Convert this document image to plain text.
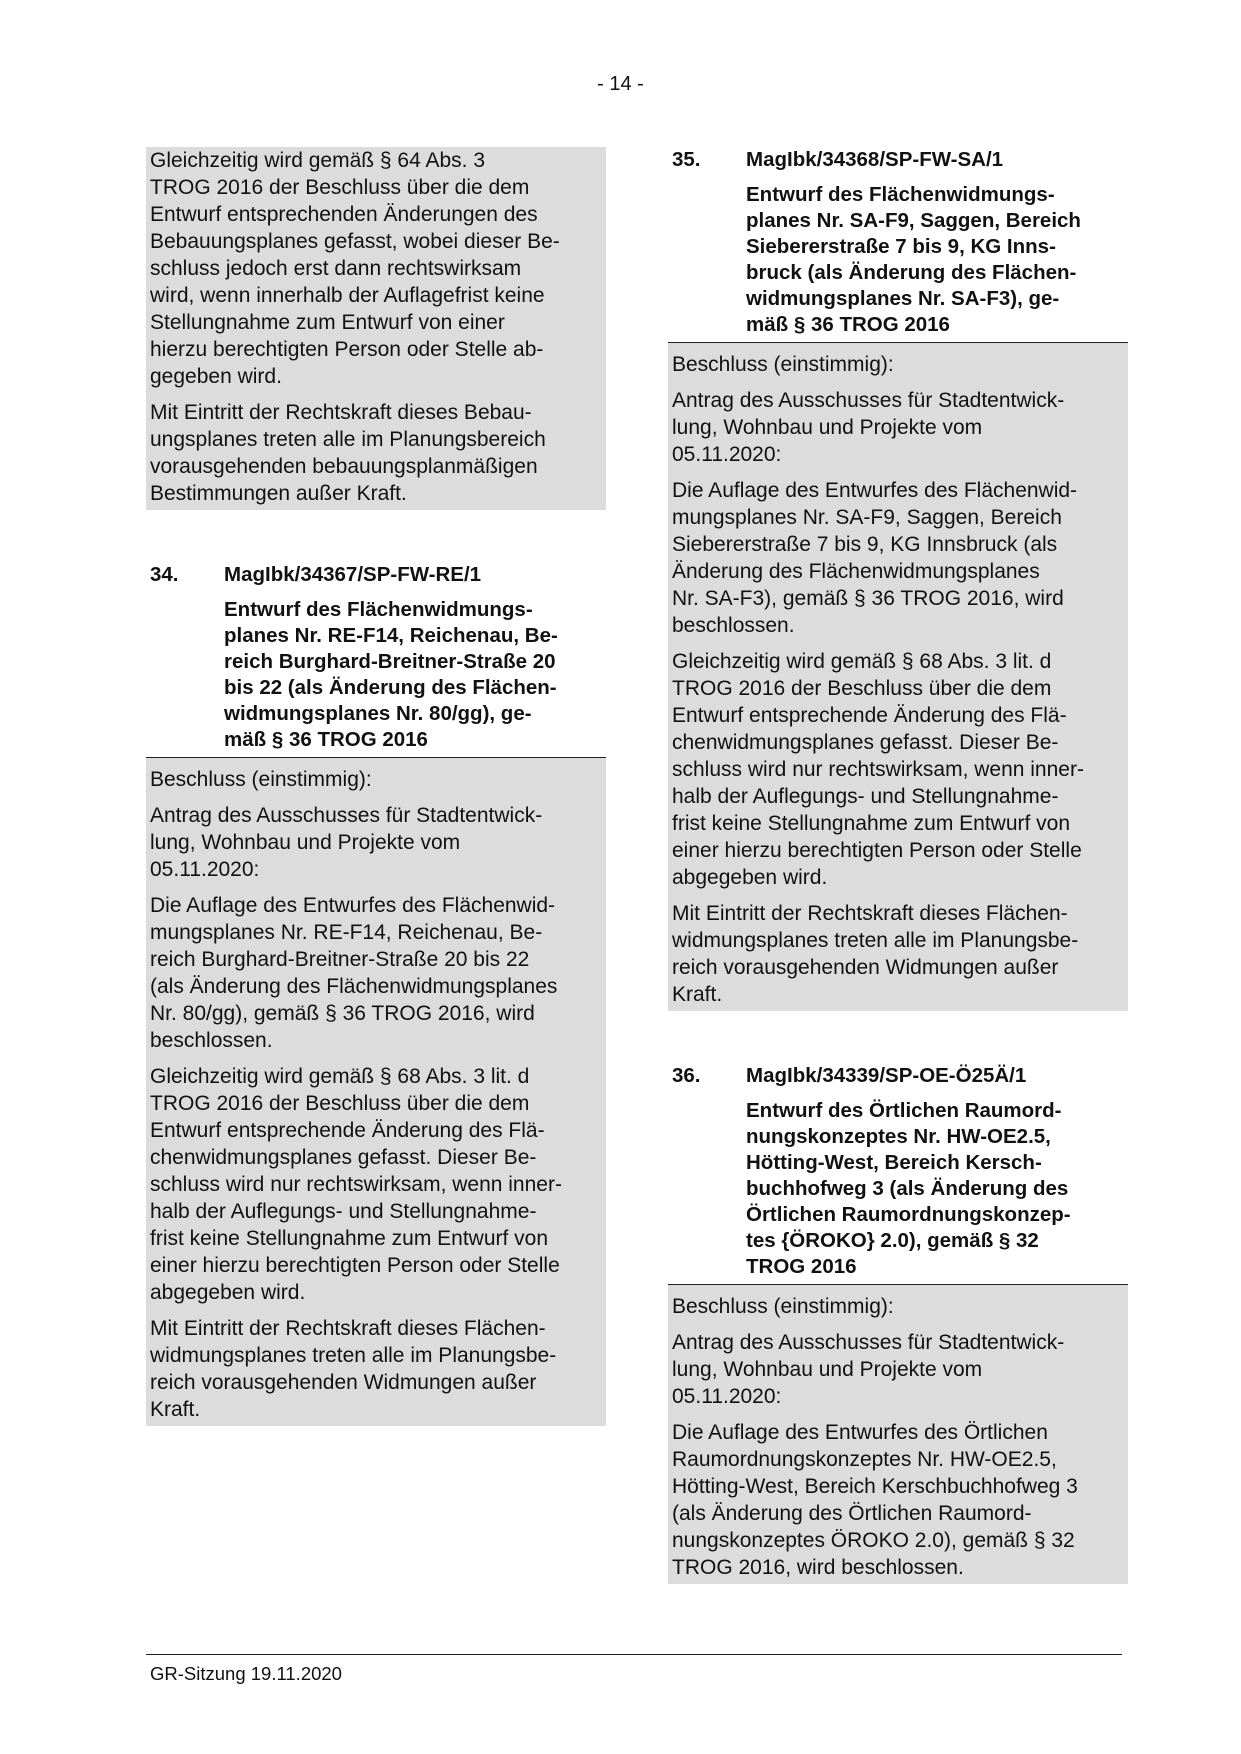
- 14 -

Gleichzeitig wird gemäß § 64 Abs. 3
TROG 2016 der Beschluss über die dem
Entwurf entsprechenden Änderungen des
Bebauungsplanes gefasst, wobei dieser Be-
schluss jedoch erst dann rechtswirksam
wird, wenn innerhalb der Auflagefrist keine
Stellungnahme zum Entwurf von einer
hierzu berechtigten Person oder Stelle ab-
gegeben wird.

Mit Eintritt der Rechtskraft dieses Bebau-
ungsplanes treten alle im Planungsbereich
vorausgehenden bebauungsplanmäßigen
Bestimmungen außer Kraft.

34.	MagIbk/34367/SP-FW-RE/1
Entwurf des Flächenwidmungs-
planes Nr. RE-F14, Reichenau, Be-
reich Burghard-Breitner-Straße 20
bis 22 (als Änderung des Flächen-
widmungsplanes Nr. 80/gg), ge-
mäß § 36 TROG 2016

Beschluss (einstimmig):

Antrag des Ausschusses für Stadtentwick-
lung, Wohnbau und Projekte vom
05.11.2020:

Die Auflage des Entwurfes des Flächenwid-
mungsplanes Nr. RE-F14, Reichenau, Be-
reich Burghard-Breitner-Straße 20 bis 22
(als Änderung des Flächenwidmungsplanes
Nr. 80/gg), gemäß § 36 TROG 2016, wird
beschlossen.

Gleichzeitig wird gemäß § 68 Abs. 3 lit. d
TROG 2016 der Beschluss über die dem
Entwurf entsprechende Änderung des Flä-
chenwidmungsplanes gefasst. Dieser Be-
schluss wird nur rechtswirksam, wenn inner-
halb der Auflegungs- und Stellungnahme-
frist keine Stellungnahme zum Entwurf von
einer hierzu berechtigten Person oder Stelle
abgegeben wird.

Mit Eintritt der Rechtskraft dieses Flächen-
widmungsplanes treten alle im Planungsbe-
reich vorausgehenden Widmungen außer
Kraft.

35.	MagIbk/34368/SP-FW-SA/1
Entwurf des Flächenwidmungs-
planes Nr. SA-F9, Saggen, Bereich
Siebererstraße 7 bis 9, KG Inns-
bruck (als Änderung des Flächen-
widmungsplanes Nr. SA-F3), ge-
mäß § 36 TROG 2016

Beschluss (einstimmig):

Antrag des Ausschusses für Stadtentwick-
lung, Wohnbau und Projekte vom
05.11.2020:

Die Auflage des Entwurfes des Flächenwid-
mungsplanes Nr. SA-F9, Saggen, Bereich
Siebererstraße 7 bis 9, KG Innsbruck (als
Änderung des Flächenwidmungsplanes
Nr. SA-F3), gemäß § 36 TROG 2016, wird
beschlossen.

Gleichzeitig wird gemäß § 68 Abs. 3 lit. d
TROG 2016 der Beschluss über die dem
Entwurf entsprechende Änderung des Flä-
chenwidmungsplanes gefasst. Dieser Be-
schluss wird nur rechtswirksam, wenn inner-
halb der Auflegungs- und Stellungnahme-
frist keine Stellungnahme zum Entwurf von
einer hierzu berechtigten Person oder Stelle
abgegeben wird.

Mit Eintritt der Rechtskraft dieses Flächen-
widmungsplanes treten alle im Planungsbe-
reich vorausgehenden Widmungen außer
Kraft.

36.	MagIbk/34339/SP-OE-Ö25Ä/1
Entwurf des Örtlichen Raumord-
nungskonzeptes Nr. HW-OE2.5,
Hötting-West, Bereich Kersch-
buchhofweg 3 (als Änderung des
Örtlichen Raumordnungskonzep-
tes {ÖROKO} 2.0), gemäß § 32
TROG 2016

Beschluss (einstimmig):

Antrag des Ausschusses für Stadtentwick-
lung, Wohnbau und Projekte vom
05.11.2020:

Die Auflage des Entwurfes des Örtlichen
Raumordnungskonzeptes Nr. HW-OE2.5,
Hötting-West, Bereich Kerschbuchhofweg 3
(als Änderung des Örtlichen Raumord-
nungskonzeptes ÖROKO 2.0), gemäß § 32
TROG 2016, wird beschlossen.

GR-Sitzung 19.11.2020
